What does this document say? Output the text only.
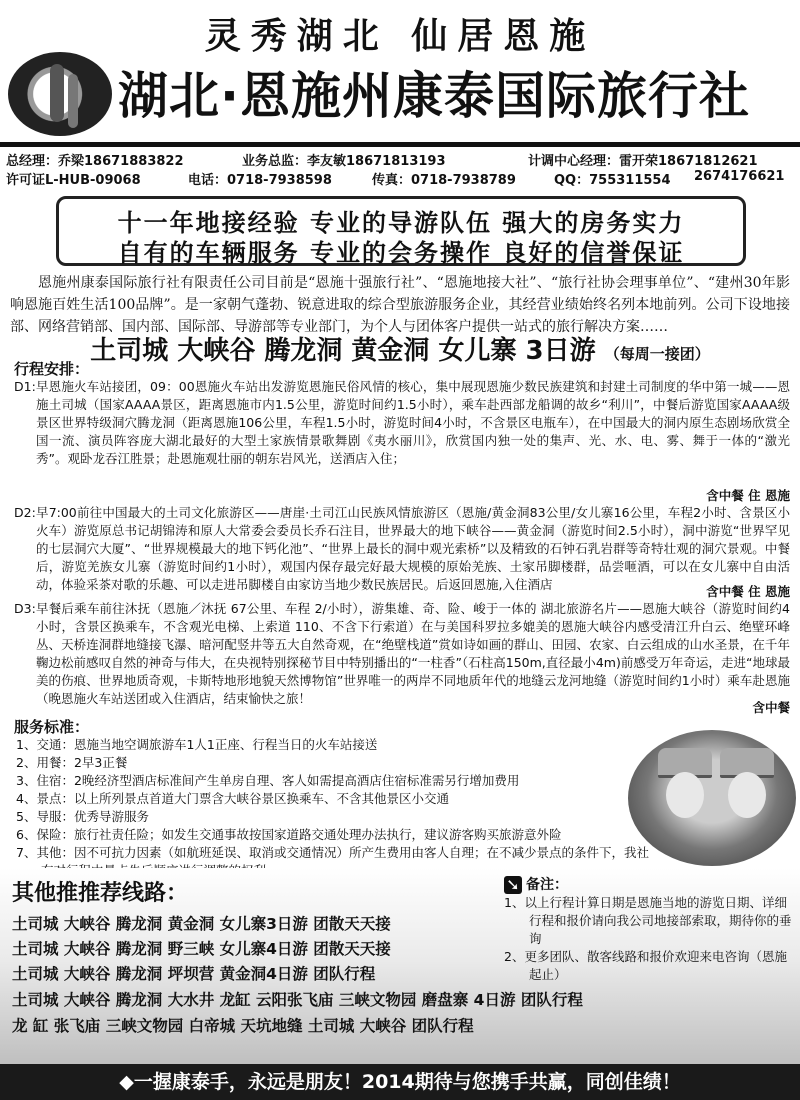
灵秀湖北 仙居恩施
湖北·恩施州康泰国际旅行社
总经理：乔梁18671883822	业务总监：李友敏18671813193	计调中心经理：雷开荣18671812621
许可证L-HUB-09068	电话：0718-7938598	传真：0718-7938789	QQ：755311554 2674176621
十一年地接经验 专业的导游队伍 强大的房务实力
自有的车辆服务 专业的会务操作 良好的信誉保证
恩施州康泰国际旅行社有限责任公司目前是“恩施十强旅行社”、“恩施地接大社”、“旅行社协会理事单位”、“建州30年影响恩施百姓生活100品牌”。是一家朝气蓬勃、锐意进取的综合型旅游服务企业，其经营业绩始终名列本地前列。公司下设地接部、网络营销部、国内部、国际部、导游部等专业部门，为个人与团体客户提供一站式的旅行解决方案……
土司城 大峡谷 腾龙洞 黄金洞 女儿寨 3日游 （每周一接团）
行程安排：
D1: 早恩施火车站接团，09：00恩施火车站出发游览恩施民俗风情的核心，集中展现恩施少数民族建筑和封建土司制度的华中第一城——恩施土司城（国家AAAA景区，距离恩施市内1.5公里，游览时间约1.5小时），乘车赴西部龙船调的故乡“利川”，中餐后游览国家AAAA级景区世界特级洞穴腾龙洞（距离恩施106公里，车程1.5小时，游览时间4小时，不含景区电瓶车），在中国最大的洞内原生态剧场欣赏全国一流、演员阵容庞大湖北最好的大型土家族情景歌舞剧《夷水丽川》，欣赏国内独一处的集声、光、水、电、雾、舞于一体的“激光秀”。观卧龙吞江胜景；赴恩施观壮丽的朝东岩风光，送酒店入住；
含中餐 住 恩施
D2: 早7:00前往中国最大的土司文化旅游区——唐崖·土司江山民族风情旅游区（恩施/黄金洞83公里/女儿寨16公里，车程2小时、含景区小火车）游览原总书记胡锦涛和原人大常委会委员长乔石注目，世界最大的地下峡谷——黄金洞（游览时间2.5小时），洞中游览“世界罕见的七层洞穴大厦”、“世界规模最大的地下钙化池”、“世界上最长的洞中观光索桥”以及精致的石钟石乳岩群等奇特壮观的洞穴景观。中餐后，游览羌族女儿寨（游览时间约1小时），观国内保存最完好最大规模的原始羌族、土家吊脚楼群，品尝咂酒，可以在女儿寨中自由活动，体验采茶对歌的乐趣、可以走进吊脚楼自由家访当地少数民族居民。后返回恩施,入住酒店	含中餐 住 恩施
D3: 早餐后乘车前往沐抚（恩施／沐抚 67公里、车程 2/小时），游集雄、奇、险、峻于一体的 湖北旅游名片——恩施大峡谷（游览时间约4小时，含景区换乘车，不含观光电梯、上索道 110、不含下行索道）在与美国科罗拉多媲美的恩施大峡谷内感受清江升白云、绝壁环峰丛、天桥连洞群地缝接飞瀑、暗河配竖井等五大自然奇观，在“绝壁栈道”赏如诗如画的群山、田园、农家、白云组成的山水圣景，在千年鞠边松前感叹自然的神奇与伟大，在央视特别探秘节目中特别播出的“一柱香”（石柱高150m,直径最小4m)前感受万年奇运，走进“地球最美的伤痕、世界地质奇观，卡斯特地形地貌天然博物馆”世界唯一的两岸不同地质年代的地缝云龙河地缝（游览时间约1小时）乘车赴恩施（晚恩施火车站送团或入住酒店，结束愉快之旅！
含中餐
服务标准：
1、交通：恩施当地空调旅游车1人1正座、行程当日的火车站接送
2、用餐：2早3正餐
3、住宿：2晚经济型酒店标准间产生单房自理、客人如需提高酒店住宿标准需另行增加费用
4、景点：以上所列景点首道大门票含大峡谷景区换乘车、不含其他景区小交通
5、导服：优秀导游服务
6、保险：旅行社责任险；如发生交通事故按国家道路交通处理办法执行，建议游客购买旅游意外险
7、其他：因不可抗力因素（如航班延误、取消或交通情况）所产生费用由客人自理；在不减少景点的条件下，我社
其他推推荐线路：
土司城 大峡谷 腾龙洞 黄金洞 女儿寨3日游 团散天天接
土司城 大峡谷 腾龙洞 野三峡 女儿寨4日游 团散天天接
土司城 大峡谷 腾龙洞 坪坝营 黄金洞4日游 团队行程
土司城 大峡谷 腾龙洞 大水井 龙缸 云阳张飞庙 三峡文物园 磨盘寨 4日游 团队行程
龙 缸 张飞庙 三峡文物园 白帝城 天坑地缝 土司城 大峡谷 团队行程
➘ 备注：
1、以上行程计算日期是恩施当地的游览日期、详细行程和报价请向我公司地接部索取，期待你的垂询
2、更多团队、散客线路和报价欢迎来电咨询（恩施起止）
◆一握康泰手，永远是朋友！2014期待与您携手共赢，同创佳绩！
